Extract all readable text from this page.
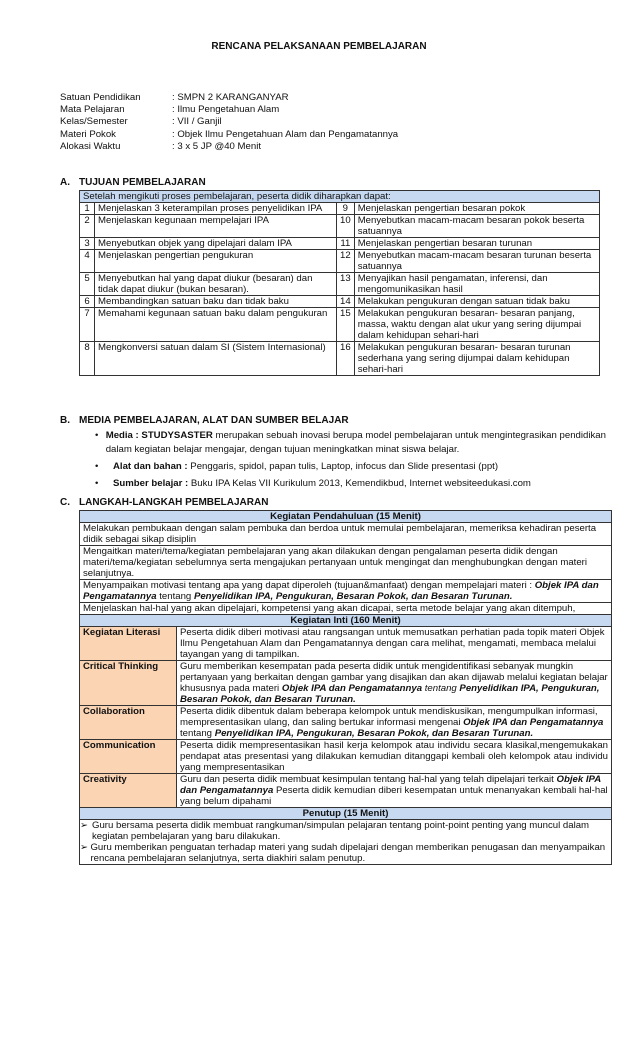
RENCANA PELAKSANAAN PEMBELAJARAN
Satuan Pendidikan	: SMPN 2 KARANGANYAR
Mata Pelajaran	: Ilmu Pengetahuan Alam
Kelas/Semester	: VII / Ganjil
Materi Pokok	: Objek Ilmu Pengetahuan Alam dan Pengamatannya
Alokasi Waktu	: 3 x 5 JP @40 Menit
A. TUJUAN PEMBELAJARAN
Setelah mengikuti proses pembelajaran, peserta didik diharapkan dapat:			
1	Menjelaskan 3 keterampilan proses penyelidikan IPA	9	Menjelaskan pengertian besaran pokok
2	Menjelaskan kegunaan mempelajari IPA	10	Menyebutkan macam-macam besaran pokok beserta satuannya
3	Menyebutkan objek yang dipelajari dalam IPA	11	Menjelaskan pengertian besaran turunan
4	Menjelaskan pengertian pengukuran	12	Menyebutkan macam-macam besaran turunan beserta satuannya
5	Menyebutkan hal yang dapat diukur (besaran) dan tidak dapat diukur (bukan besaran).	13	Menyajikan hasil pengamatan, inferensi, dan mengomunikasikan hasil
6	Membandingkan satuan baku dan tidak baku	14	Melakukan pengukuran dengan satuan tidak baku
7	Memahami kegunaan satuan baku dalam pengukuran	15	Melakukan pengukuran besaran- besaran panjang, massa, waktu dengan alat ukur yang sering dijumpai dalam kehidupan sehari-hari
8	Mengkonversi satuan dalam SI (Sistem Internasional)	16	Melakukan pengukuran besaran- besaran turunan sederhana yang sering dijumpai dalam kehidupan sehari-hari
B. MEDIA PEMBELAJARAN, ALAT DAN SUMBER BELAJAR
• Media : STUDYSASTER merupakan sebuah inovasi berupa model pembelajaran untuk mengintegrasikan pendidikan dalam kegiatan belajar mengajar, dengan tujuan meningkatkan minat siswa belajar.
•	Alat dan bahan : Penggaris, spidol, papan tulis, Laptop, infocus dan Slide presentasi (ppt)
•	Sumber belajar : Buku IPA Kelas VII Kurikulum 2013, Kemendikbud, Internet websiteedukasi.com
C. LANGKAH-LANGKAH PEMBELAJARAN
Kegiatan Pendahuluan (15 Menit)	
Melakukan pembukaan dengan salam pembuka dan berdoa untuk memulai pembelajaran, memeriksa kehadiran peserta didik sebagai sikap disiplin	
Mengaitkan materi/tema/kegiatan pembelajaran yang akan dilakukan dengan pengalaman peserta didik dengan materi/tema/kegiatan sebelumnya serta mengajukan pertanyaan untuk mengingat dan menghubungkan dengan materi selanjutnya.	
Menyampaikan motivasi tentang apa yang dapat diperoleh (tujuan&manfaat) dengan mempelajari materi : Objek IPA dan Pengamatannya tentang Penyelidikan IPA, Pengukuran, Besaran Pokok, dan Besaran Turunan.	
Menjelaskan hal-hal yang akan dipelajari, kompetensi yang akan dicapai, serta metode belajar yang akan ditempuh,	
Kegiatan Inti (160 Menit)	
Kegiatan Literasi	Peserta didik diberi motivasi atau rangsangan untuk memusatkan perhatian pada topik materi Objek Ilmu Pengetahuan Alam dan Pengamatannya dengan cara melihat, mengamati, membaca melalui tayangan yang di tampilkan.
Critical Thinking	Guru memberikan kesempatan pada peserta didik untuk mengidentifikasi sebanyak mungkin pertanyaan yang berkaitan dengan gambar yang disajikan dan akan dijawab melalui kegiatan belajar khususnya pada materi Objek IPA dan Pengamatannya tentang Penyelidikan IPA, Pengukuran, Besaran Pokok, dan Besaran Turunan.
Collaboration	Peserta didik dibentuk dalam beberapa kelompok untuk mendiskusikan, mengumpulkan informasi, mempresentasikan ulang, dan saling bertukar informasi mengenai Objek IPA dan Pengamatannya tentang Penyelidikan IPA, Pengukuran, Besaran Pokok, dan Besaran Turunan.
Communication	Peserta didik mempresentasikan hasil kerja kelompok atau individu secara klasikal,mengemukakan pendapat atas presentasi yang dilakukan kemudian ditanggapi kembali oleh kelompok atau individu yang mempresentasikan
Creativity	Guru dan peserta didik membuat kesimpulan tentang hal-hal yang telah dipelajari terkait Objek IPA dan Pengamatannya Peserta didik kemudian diberi kesempatan untuk menanyakan kembali hal-hal yang belum dipahami
Penutup (15 Menit)	

➢ Guru bersama peserta didik membuat rangkuman/simpulan pelajaran tentang point-point penting yang muncul dalam kegiatan pembelajaran yang baru dilakukan.
➢ Guru memberikan penguatan terhadap materi yang sudah dipelajari dengan memberikan penugasan dan menyampaikan rencana pembelajaran selanjutnya, serta diakhiri salam penutup.	
